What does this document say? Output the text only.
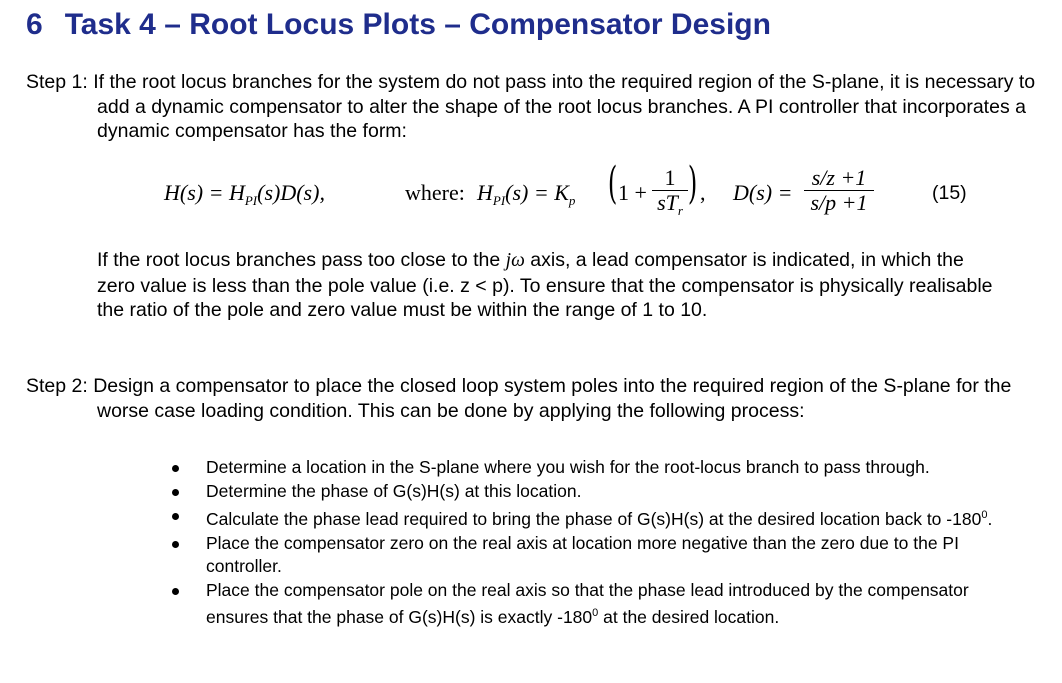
6 Task 4 – Root Locus Plots – Compensator Design

Step 1: If the root locus branches for the system do not pass into the required region of the S-plane, it is necessary to add a dynamic compensator to alter the shape of the root locus branches. A PI controller that incorporates a dynamic compensator has the form:

$H(s) = H_{PI}(s)D(s)$,	where: $H_{PI}(s) = K_p$ ( 1 +
1
$sT_r$
) , D(s) =
s/z +1
s/p +1	(15)

If the root locus branches pass too close to the jω axis, a lead compensator is indicated, in which the zero value is less than the pole value (i.e. z < p). To ensure that the compensator is physically realisable the ratio of the pole and zero value must be within the range of 1 to 10.

Step 2: Design a compensator to place the closed loop system poles into the required region of the S-plane for the worse case loading condition. This can be done by applying the following process:

Determine a location in the S-plane where you wish for the root-locus branch to pass through.
Determine the phase of G(s)H(s) at this location.
Calculate the phase lead required to bring the phase of G(s)H(s) at the desired location back to $-180^0$.
Place the compensator zero on the real axis at location more negative than the zero due to the PI controller.
Place the compensator pole on the real axis so that the phase lead introduced by the compensator ensures that the phase of G(s)H(s) is exactly $-180^0$ at the desired location.
